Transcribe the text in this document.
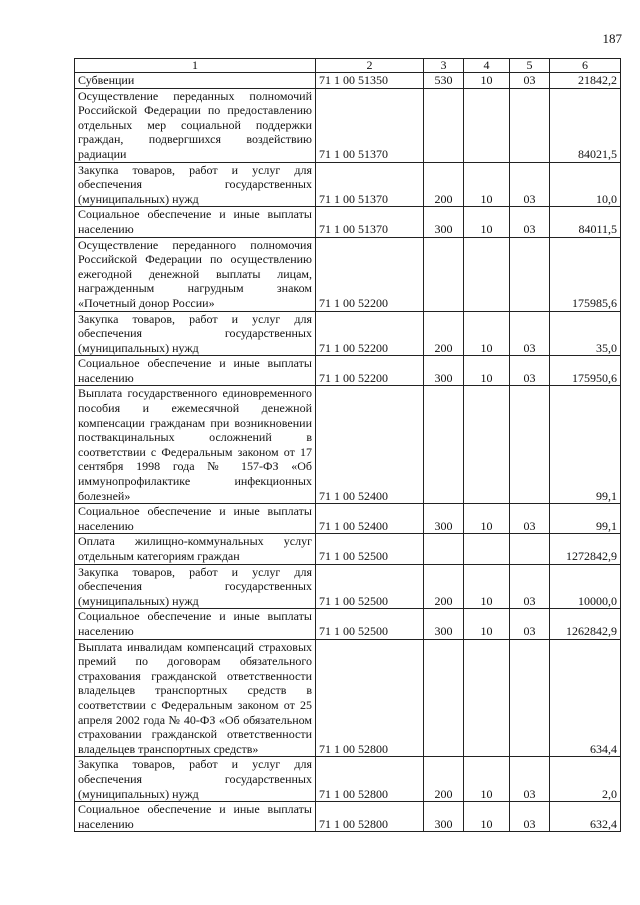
187
1	2	3	4	5	6
Субвенции	71 1 00 51350	530	10	03	21842,2
Осуществление переданных полномочий Российской Федерации по предоставлению отдельных мер социальной поддержки граждан, подвергшихся воздействию радиации	71 1 00 51370				84021,5
Закупка товаров, работ и услуг для обеспечения государственных (муниципальных) нужд	71 1 00 51370	200	10	03	10,0
Социальное обеспечение и иные выплаты населению	71 1 00 51370	300	10	03	84011,5
Осуществление переданного полномочия Российской Федерации по осуществлению ежегодной денежной выплаты лицам, награжденным нагрудным знаком «Почетный донор России»	71 1 00 52200				175985,6
Закупка товаров, работ и услуг для обеспечения государственных (муниципальных) нужд	71 1 00 52200	200	10	03	35,0
Социальное обеспечение и иные выплаты населению	71 1 00 52200	300	10	03	175950,6
Выплата государственного единовременного пособия и ежемесячной денежной компенсации гражданам при возникновении поствакцинальных осложнений в соответствии с Федеральным законом от 17 сентября 1998 года № 157-ФЗ «Об иммунопрофилактике инфекционных болезней»	71 1 00 52400				99,1
Социальное обеспечение и иные выплаты населению	71 1 00 52400	300	10	03	99,1
Оплата жилищно-коммунальных услуг отдельным категориям граждан	71 1 00 52500				1272842,9
Закупка товаров, работ и услуг для обеспечения государственных (муниципальных) нужд	71 1 00 52500	200	10	03	10000,0
Социальное обеспечение и иные выплаты населению	71 1 00 52500	300	10	03	1262842,9
Выплата инвалидам компенсаций страховых премий по договорам обязательного страхования гражданской ответственности владельцев транспортных средств в соответствии с Федеральным законом от 25 апреля 2002 года № 40-ФЗ «Об обязательном страховании гражданской ответственности владельцев транспортных средств»	71 1 00 52800				634,4
Закупка товаров, работ и услуг для обеспечения государственных (муниципальных) нужд	71 1 00 52800	200	10	03	2,0
Социальное обеспечение и иные выплаты населению	71 1 00 52800	300	10	03	632,4
